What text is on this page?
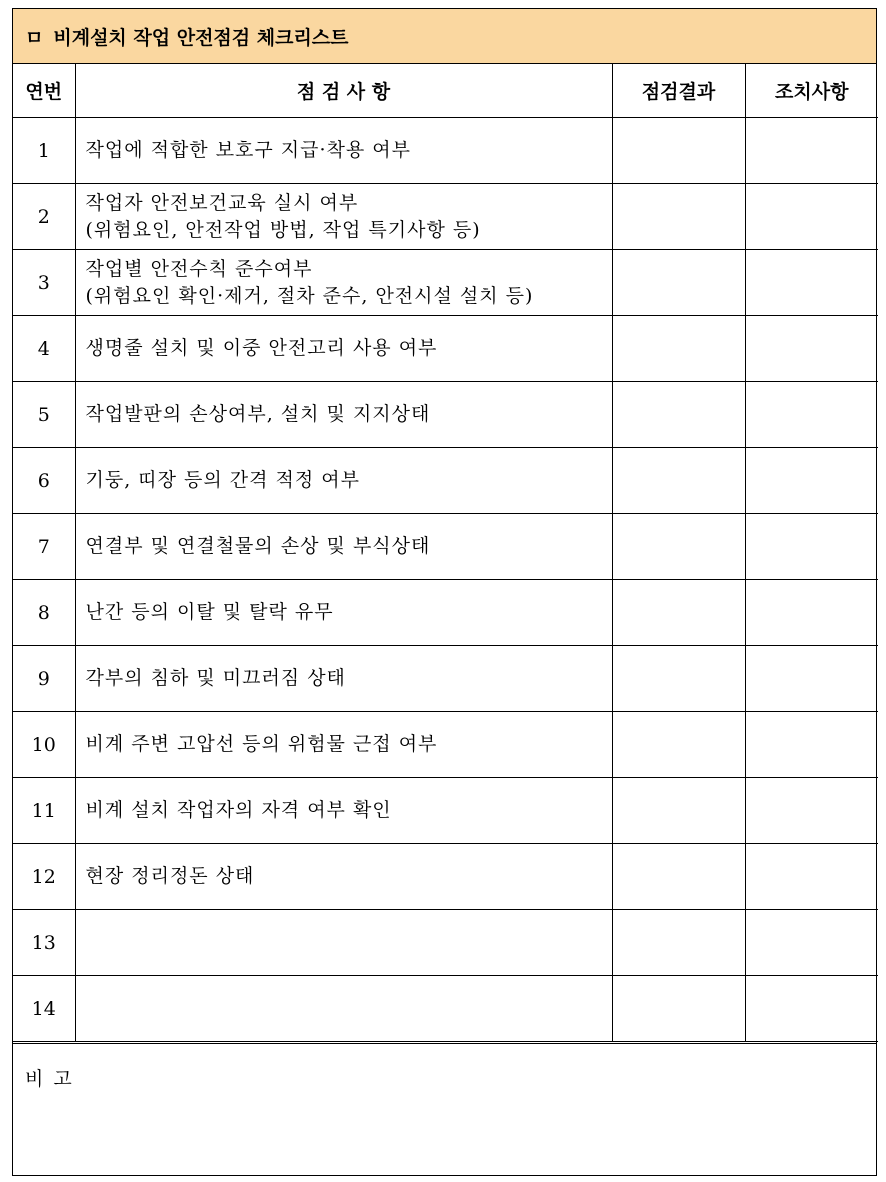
ㅁ 비계설치 작업 안전점검 체크리스트
연번	점 검 사 항	점검결과	조치사항
1	작업에 적합한 보호구 지급·착용 여부		

2	작업자 안전보건교육 실시 여부
(위험요인, 안전작업 방법, 작업 특기사항 등)		

3	작업별 안전수칙 준수여부
(위험요인 확인·제거, 절차 준수, 안전시설 설치 등)		

4	생명줄 설치 및 이중 안전고리 사용 여부		

5	작업발판의 손상여부, 설치 및 지지상태		

6	기둥, 띠장 등의 간격 적정 여부		

7	연결부 및 연결철물의 손상 및 부식상태		

8	난간 등의 이탈 및 탈락 유무		

9	각부의 침하 및 미끄러짐 상태		

10	비계 주변 고압선 등의 위험물 근접 여부		

11	비계 설치 작업자의 자격 여부 확인		

12	현장 정리정돈 상태		

13	

14	

비고
